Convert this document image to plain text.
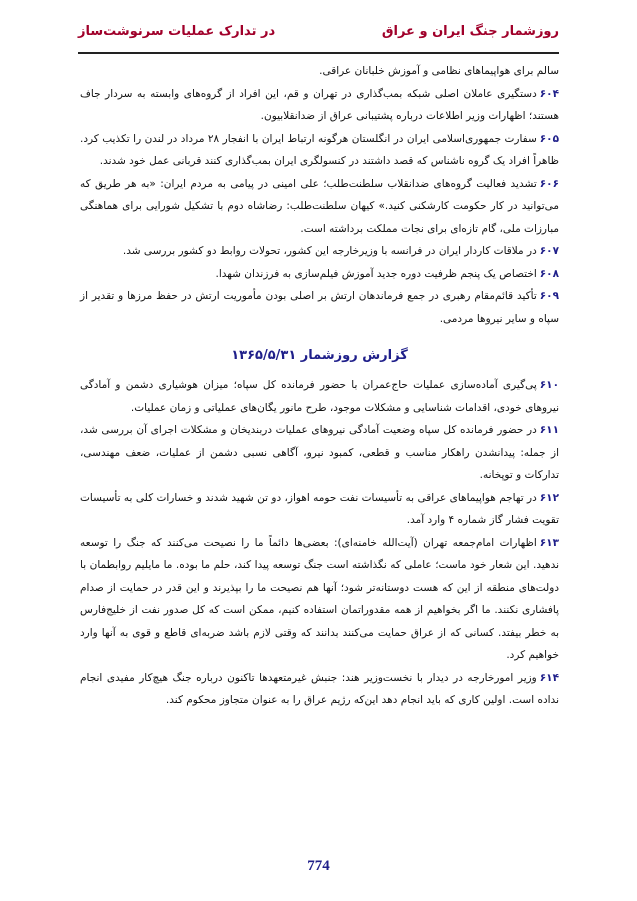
روزشمار جنگ ایران و عراق
در تدارک عملیات سرنوشت‌ساز

سالم برای هواپیماهای نظامی و آموزش خلبانان عراقی.

۶۰۴دستگیری عاملان اصلی شبکه بمب‌گذاری در تهران و قم، این افراد از گروه‌های وابسته به سردار جاف هستند؛ اظهارات وزیر اطلاعات درباره پشتیبانی عراق از ضدانقلابیون.

۶۰۵سفارت جمهوری‌اسلامی ایران در انگلستان هرگونه ارتباط ایران با انفجار ۲۸ مرداد در لندن را تکذیب کرد. ظاهراً افراد یک گروه ناشناس که قصد داشتند در کنسولگری ایران بمب‌گذاری کنند قربانی عمل خود شدند.

۶۰۶تشدید فعالیت گروه‌های ضدانقلاب سلطنت‌طلب؛ علی امینی در پیامی به مردم ایران: «به هر طریق که می‌توانید در کار حکومت کارشکنی کنید.» کیهان سلطنت‌طلب: رضاشاه دوم با تشکیل شورایی برای هماهنگی مبارزات ملی، گام تازه‌ای برای نجات مملکت برداشته است.

۶۰۷در ملاقات کاردار ایران در فرانسه با وزیرخارجه این کشور، تحولات روابط دو کشور بررسی شد.

۶۰۸اختصاص یک پنجم ظرفیت دوره جدید آموزش فیلم‌سازی به فرزندان شهدا.

۶۰۹تأکید قائم‌مقام رهبری در جمع فرماندهان ارتش بر اصلی بودن مأموریت ارتش در حفظ مرزها و تقدیر از سپاه و سایر نیروها مردمی.

گزارش روزشمار ۱۳۶۵/۵/۳۱

۶۱۰پی‌گیری آماده‌سازی عملیات حاج‌عمران با حضور فرمانده کل سپاه؛ میزان هوشیاری دشمن و آمادگی نیروهای خودی، اقدامات شناسایی و مشکلات موجود، طرح مانور یگان‌های عملیاتی و زمان عملیات.

۶۱۱در حضور فرمانده کل سپاه وضعیت آمادگی نیروهای عملیات دربندیخان و مشکلات اجرای آن بررسی شد، از جمله: پیدانشدن راهکار مناسب و قطعی، کمبود نیرو، آگاهی نسبی دشمن از عملیات، ضعف مهندسی، تدارکات و توپخانه.

۶۱۲در تهاجم هواپیماهای عراقی به تأسیسات نفت حومه اهواز، دو تن شهید شدند و خسارات کلی به تأسیسات تقویت فشار گاز شماره ۴ وارد آمد.

۶۱۳اظهارات امام‌جمعه تهران (آیت‌الله خامنه‌ای): بعضی‌ها دائماً ما را نصیحت می‌کنند که جنگ را توسعه ندهید. این شعار خود ماست؛ عاملی که نگذاشته است جنگ توسعه پیدا کند، حلم ما بوده. ما مایلیم روابطمان با دولت‌های منطقه از این که هست دوستانه‌تر شود؛ آنها هم نصیحت ما را بپذیرند و این قدر در حمایت از صدام پافشاری نکنند. ما اگر بخواهیم از همه مقدوراتمان استفاده کنیم، ممکن است که کل صدور نفت از خلیج‌فارس به خطر بیفتد. کسانی که از عراق حمایت می‌کنند بدانند که وقتی لازم باشد ضربه‌ای قاطع و قوی به آنها وارد خواهیم کرد.

۶۱۴وزیر امورخارجه در دیدار با نخست‌وزیر هند: جنبش غیرمتعهدها تاکنون درباره جنگ هیچ‌کار مفیدی انجام نداده است. اولین کاری که باید انجام دهد این‌که رژیم عراق را به عنوان متجاوز محکوم کند.

774
